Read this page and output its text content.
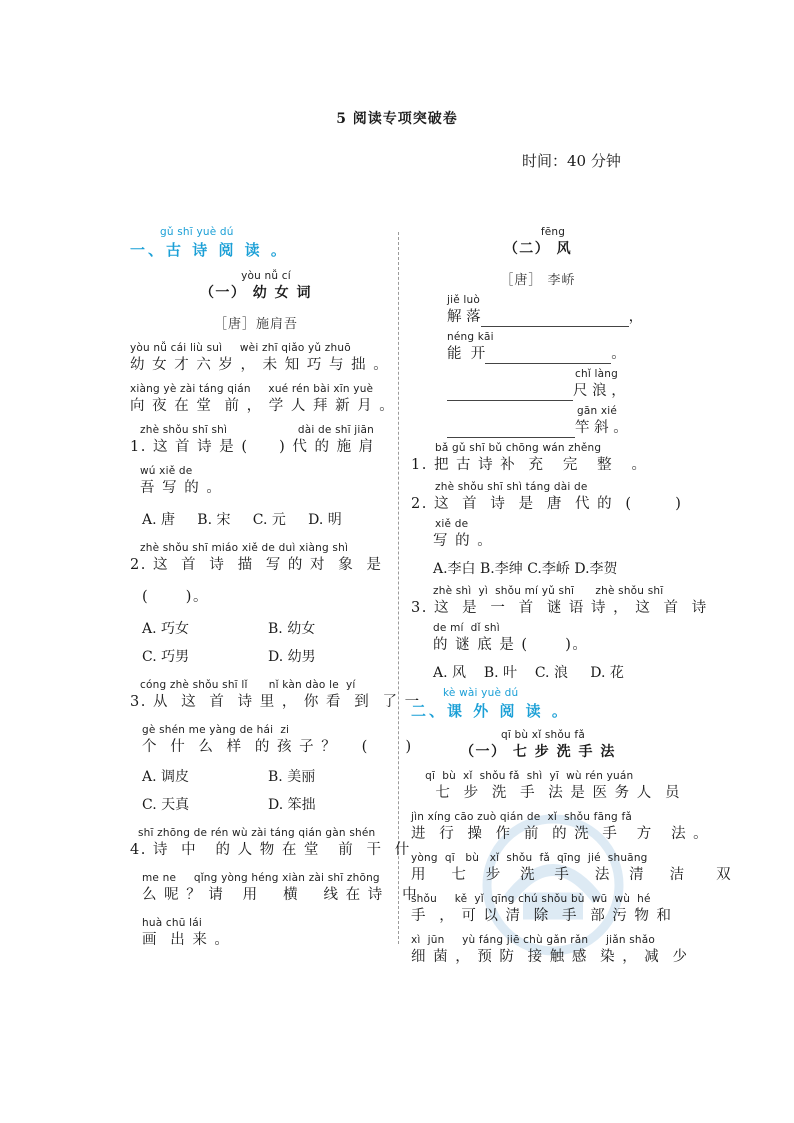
5 阅读专项突破卷
时间：40 分钟
gǔ shī yuè dú
一、古 诗 阅 读 。
yòu nǚ cí
（一） 幼 女 词
［唐］施肩吾
yòu nǚ cái liù suì     wèi zhī qiǎo yǔ zhuō
幼 女 才 六 岁 ， 未 知 巧 与 拙 。
xiàng yè zài táng qián     xué rén bài xīn yuè
向 夜 在 堂  前 ， 学 人 拜 新 月 。
zhè shǒu shī shì                    dài de shī jiān
1. 这 首 诗 是 (     ) 代 的 施 肩
wú xiě de
吾 写 的 。
A. 唐 B. 宋 C. 元 D. 明
zhè shǒu shī miáo xiě de duì xiàng shì
2. 这  首  诗  描  写 的 对  象  是
(      )。
A. 巧女	B. 幼女
C. 巧男	D. 幼男
cóng zhè shǒu shī lǐ      nǐ kàn dào le  yí
3. 从  这  首  诗 里 ， 你 看  到  了 一
gè shén me yàng de hái  zi
个  什  么  样  的 孩 子 ？    (      )
A. 调皮	B. 美丽
C. 天真	D. 笨拙
shī zhōng de rén wù zài táng qián gàn shén
4. 诗  中   的 人 物 在 堂   前  干  什
me ne     qǐng yòng héng xiàn zài shī zhōng
么 呢 ？ 请   用    横    线 在 诗   中
huà chū lái
画  出 来 。
fēng
（二） 风
［唐］ 李峤
jiě luò
解 落	，
néng kāi
能  开	。
chǐ làng
尺 浪 ，
gān xié
竿 斜 。
bǎ gǔ shī bǔ chōng wán zhěng
1. 把 古 诗 补  充   完   整   。
zhè shǒu shī shì táng dài de
2. 这  首  诗  是  唐  代 的  (       )
xiě de
写 的 。
A.李白 B.李绅 C.李峤 D.李贺
zhè shì  yì  shǒu mí yǔ shī      zhè shǒu shī
3. 这  是  一  首  谜 语 诗 ， 这  首  诗
de mí  dǐ shì
的 谜 底 是 (      )。
A. 风 B. 叶 C. 浪 D. 花
kè wài yuè dú
二、课 外 阅 读 。
qī bù xǐ shǒu fǎ
（一） 七 步 洗 手 法
qī  bù  xǐ  shǒu fǎ  shì  yī  wù rén yuán
七  步  洗  手  法 是 医 务 人  员
jìn xíng cāo zuò qián de  xǐ  shǒu fāng fǎ
进  行  操  作  前  的 洗  手   方   法 。
yòng  qī   bù   xǐ  shǒu  fǎ  qīng  jié  shuāng
用    七   步   洗   手    法   清    洁     双
shǒu     kě  yǐ  qīng chú shǒu bù  wū  wù  hé
手  ， 可 以 清  除  手  部 污 物 和
xì  jūn     yù fáng jiē chù gǎn rǎn     jiǎn shǎo
细 菌 ， 预 防  接 触 感  染 ， 减  少
